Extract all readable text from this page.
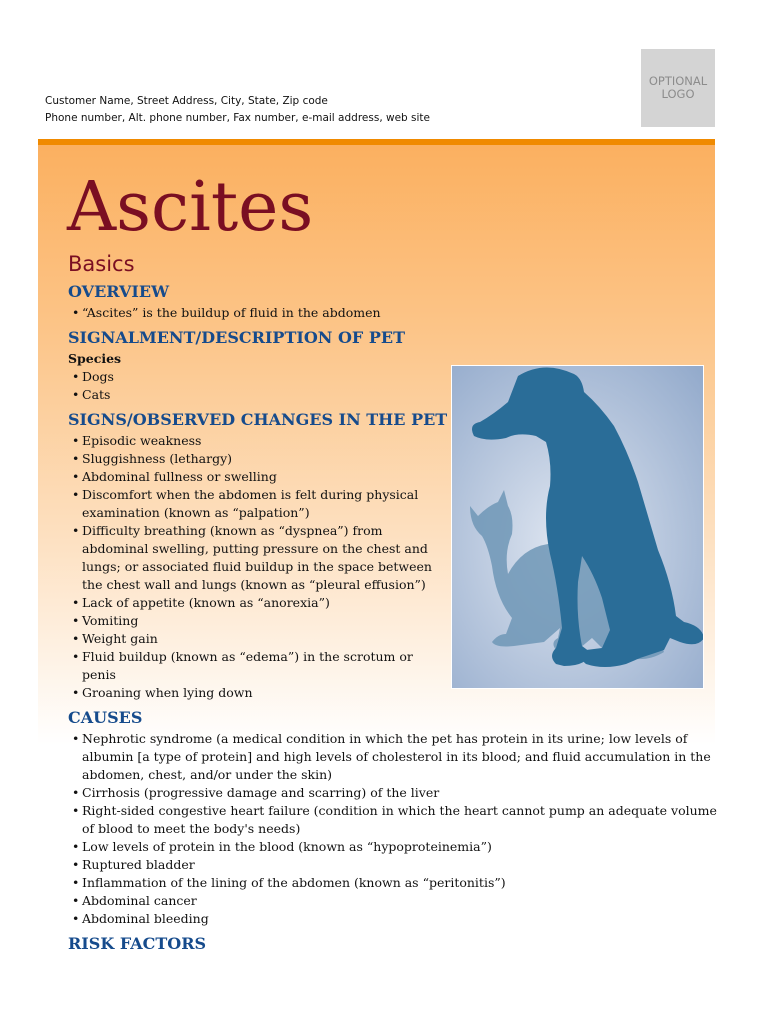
Customer Name, Street Address, City, State, Zip code
Phone number, Alt. phone number, Fax number, e-mail address, web site
OPTIONAL
LOGO
Ascites
Basics
OVERVIEW
• “Ascites” is the buildup of fluid in the abdomen
SIGNALMENT/DESCRIPTION OF PET
Species
• Dogs
• Cats
SIGNS/OBSERVED CHANGES IN THE PET
• Episodic weakness
• Sluggishness (lethargy)
• Abdominal fullness or swelling
• Discomfort when the abdomen is felt during physical examination (known as “palpation”)
• Difficulty breathing (known as “dyspnea”) from abdominal swelling, putting pressure on the chest and lungs; or associated fluid buildup in the space between the chest wall and lungs (known as “pleural effusion”)
• Lack of appetite (known as “anorexia”)
• Vomiting
• Weight gain
• Fluid buildup (known as “edema”) in the scrotum or penis
• Groaning when lying down
CAUSES
• Nephrotic syndrome (a medical condition in which the pet has protein in its urine; low levels of albumin [a type of protein] and high levels of cholesterol in its blood; and fluid accumulation in the abdomen, chest, and/or under the skin)
• Cirrhosis (progressive damage and scarring) of the liver
• Right-sided congestive heart failure (condition in which the heart cannot pump an adequate volume of blood to meet the body's needs)
• Low levels of protein in the blood (known as “hypoproteinemia”)
• Ruptured bladder
• Inflammation of the lining of the abdomen (known as “peritonitis”)
• Abdominal cancer
• Abdominal bleeding
RISK FACTORS
